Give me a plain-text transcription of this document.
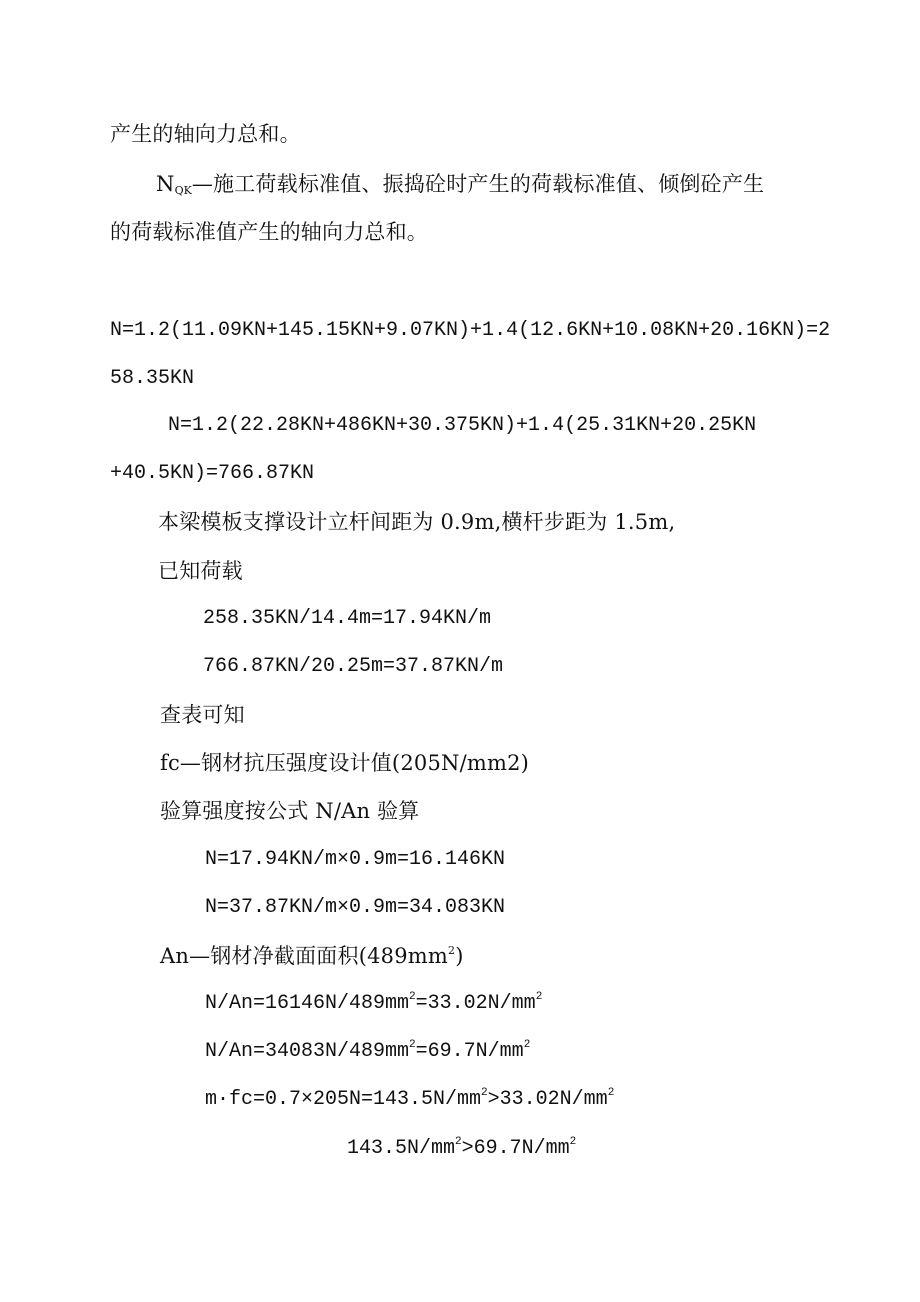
产生的轴向力总和。
$N_{QK}—$施工荷载标准值、振捣砼时产生的荷载标准值、倾倒砼产生
的荷载标准值产生的轴向力总和。
N=1.2(11.09KN+145.15KN+9.07KN)+1.4(12.6KN+10.08KN+20.16KN)=2
58.35KN
N=1.2(22.28KN+486KN+30.375KN)+1.4(25.31KN+20.25KN
+40.5KN)=766.87KN
本梁模板支撑设计立杆间距为 0.9m,横杆步距为 1.5m,
已知荷载
258.35KN/14.4m=17.94KN/m
766.87KN/20.25m=37.87KN/m
查表可知
fc—钢材抗压强度设计值(205N/mm2)
验算强度按公式 N/An 验算
N=17.94KN/m×0.9m=16.146KN
N=37.87KN/m×0.9m=34.083KN
An—钢材净截面面积$(489mm^2)$
$N/An=16146N/489mm^2=33.02N/mm^2$
$N/An=34083N/489mm^2=69.7N/mm^2$
$m\cdot fc=0.7\times 205N=143.5N/mm^2>33.02N/mm^2$
$143.5N/mm^2>69.7N/mm^2$
